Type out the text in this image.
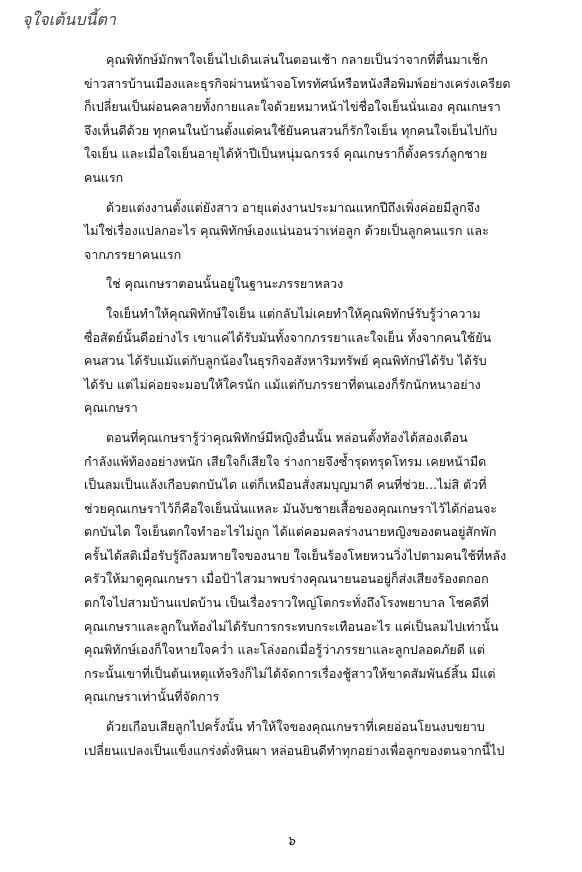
จุใจเต้นบนี้ตา

คุณพิทักษ์มักพาใจเย็นไปเดินเล่นในตอนเช้า กลายเป็นว่าจากที่ตื่นมาเช็ก
ข่าวสารบ้านเมืองและธุรกิจผ่านหน้าจอโทรทัศน์หรือหนังสือพิมพ์อย่างเคร่งเครียด
ก็เปลี่ยนเป็นผ่อนคลายทั้งกายและใจด้วยหมาหน้าไข่ชื่อใจเย็นนั่นเอง คุณเกษรา
จึงเห็นดีด้วย ทุกคนในบ้านตั้งแต่คนใช้ยันคนสวนก็รักใจเย็น ทุกคนใจเย็นไปกับ
ใจเย็น และเมื่อใจเย็นอายุได้ห้าปีเป็นหนุ่มฉกรรจ์ คุณเกษราก็ตั้งครรภ์ลูกชาย
คนแรก

ด้วยแต่งงานตั้งแต่ยังสาว อายุแต่งงานประมาณแหกปีถึงเพิ่งค่อยมีลูกจึง
ไม่ใช่เรื่องแปลกอะไร คุณพิทักษ์เองแน่นอนว่าเห่อลูก ด้วยเป็นลูกคนแรก และ
จากภรรยาคนแรก

ใช่ คุณเกษราตอนนั้นอยู่ในฐานะภรรยาหลวง

ใจเย็นทำให้คุณพิทักษ์ใจเย็น แต่กลับไม่เคยทำให้คุณพิทักษ์รับรู้ว่าความ
ซื่อสัตย์นั้นดีอย่างไร เขาแค่ได้รับมันทั้งจากภรรยาและใจเย็น ทั้งจากคนใช้ยัน
คนสวน ได้รับแม้แต่กับลูกน้องในธุรกิจอสังหาริมทรัพย์ คุณพิทักษ์ได้รับ ได้รับ
ได้รับ แต่ไม่ค่อยจะมอบให้ใครนัก แม้แต่กับภรรยาที่ตนเองก็รักนักหนาอย่าง
คุณเกษรา

ตอนที่คุณเกษรารู้ว่าคุณพิทักษ์มีหญิงอื่นนั้น หล่อนตั้งท้องได้สองเดือน
กำลังแพ้ท้องอย่างหนัก เสียใจก็เสียใจ ร่างกายจึงซ้ำรุดทรุดโทรม เคยหน้ามืด
เป็นลมเป็นแล้งเกือบตกบันได แต่ก็เหมือนสั่งสมบุญมาดี คนที่ช่วย...ไม่สิ ตัวที่
ช่วยคุณเกษราไว้ก็คือใจเย็นนั่นแหละ มันงับชายเสื้อของคุณเกษราไว้ได้ก่อนจะ
ตกบันได ใจเย็นตกใจทำอะไรไม่ถูก ได้แต่คอมคลร่างนายหญิงของตนอยู่สักพัก
ครั้นได้สติเมื่อรับรู้ถึงลมหายใจของนาย ใจเย็นร้องโหยหวนวิ่งไปตามคนใช้ที่หลัง
ครัวให้มาดูคุณเกษรา เมื่อป้าไสวมาพบร่างคุณนายนอนอยู่ก็ส่งเสียงร้องตกอก
ตกใจไปสามบ้านแปดบ้าน เป็นเรื่องราวใหญ่โตกระทั่งถึงโรงพยาบาล โชคดีที่
คุณเกษราและลูกในท้องไม่ได้รับการกระทบกระเทือนอะไร แค่เป็นลมไปเท่านั้น
คุณพิทักษ์เองก็ใจหายใจคว่ำ และโล่งอกเมื่อรู้ว่าภรรยาและลูกปลอดภัยดี แต่
กระนั้นเขาที่เป็นต้นเหตุแท้จริงก็ไม่ได้จัดการเรื่องชู้สาวให้ขาดสัมพันธ์สิ้น มีแต่
คุณเกษราเท่านั้นที่จัดการ

ด้วยเกือบเสียลูกไปครั้งนั้น ทำให้ใจของคุณเกษราที่เคยอ่อนโยนงบขยาบ
เปลี่ยนแปลงเป็นแข็งแกร่งดั่งหินผา หล่อนยินดีทำทุกอย่างเพื่อลูกของตนจากนี้ไป

๖
